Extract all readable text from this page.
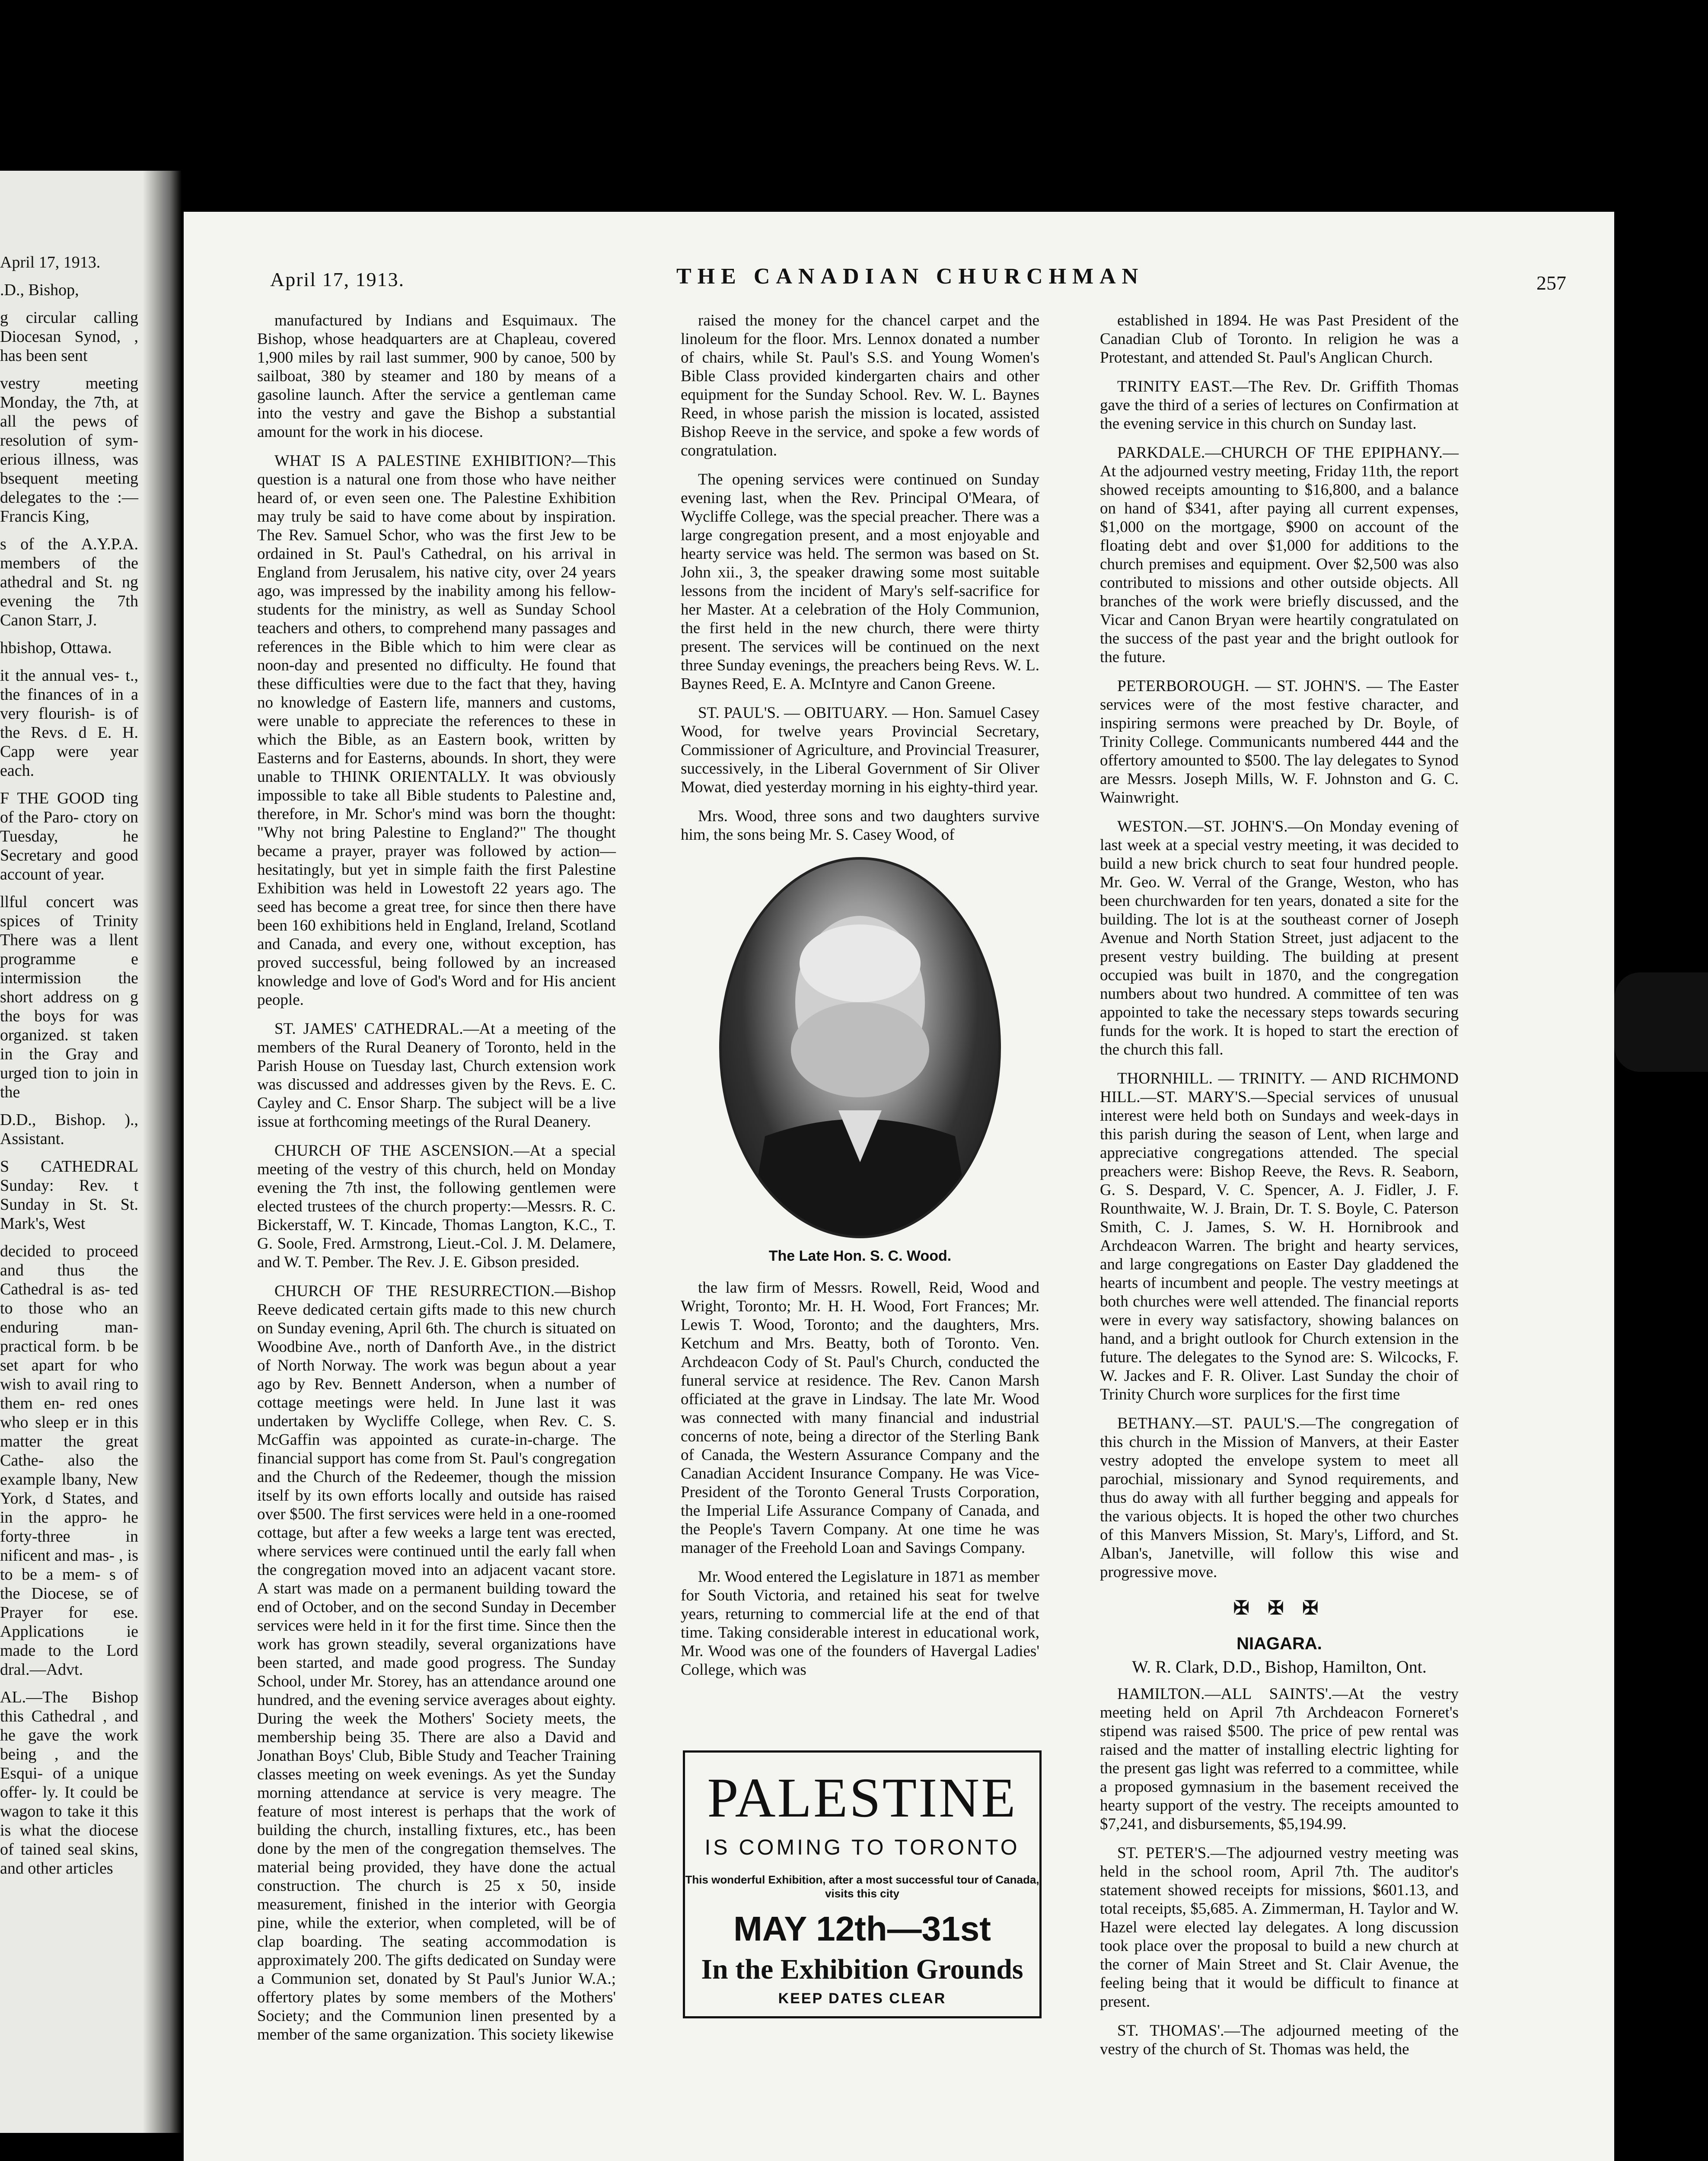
April 17, 1913.

.D., Bishop,

g circular calling Diocesan Synod, , has been sent

vestry meeting Monday, the 7th, at all the pews of resolution of sym- erious illness, was bsequent meeting delegates to the :—Francis King,

s of the A.Y.P.A. members of the athedral and St. ng evening the 7th Canon Starr, J.

hbishop, Ottawa.

it the annual ves- t., the finances of in a very flourish- is of the Revs. d E. H. Capp were year each.

F THE GOOD ting of the Paro- ctory on Tuesday, he Secretary and good account of year.

llful concert was spices of Trinity There was a llent programme e intermission the short address on g the boys for was organized. st taken in the Gray and urged tion to join in the

D.D., Bishop. )., Assistant.

S CATHEDRAL Sunday: Rev. t Sunday in St. St. Mark's, West

decided to proceed and thus the Cathedral is as- ted to those who an enduring man- practical form. b be set apart for who wish to avail ring to them en- red ones who sleep er in this matter the great Cathe- also the example lbany, New York, d States, and in the appro- he forty-three in nificent and mas- , is to be a mem- s of the Diocese, se of Prayer for ese. Applications ie made to the Lord dral.—Advt.

AL.—The Bishop this Cathedral , and he gave the work being , and the Esqui- of a unique offer- ly. It could be wagon to take it this is what the diocese of tained seal skins, and other articles

April 17, 1913.	THE CANADIAN CHURCHMAN	257

manufactured by Indians and Esquimaux. The Bishop, whose headquarters are at Chapleau, covered 1,900 miles by rail last summer, 900 by canoe, 500 by sailboat, 380 by steamer and 180 by means of a gasoline launch. After the service a gentleman came into the vestry and gave the Bishop a substantial amount for the work in his diocese.

WHAT IS A PALESTINE EXHIBITION?—This question is a natural one from those who have neither heard of, or even seen one. The Palestine Exhibition may truly be said to have come about by inspiration. The Rev. Samuel Schor, who was the first Jew to be ordained in St. Paul's Cathedral, on his arrival in England from Jerusalem, his native city, over 24 years ago, was impressed by the inability among his fellow-students for the ministry, as well as Sunday School teachers and others, to comprehend many passages and references in the Bible which to him were clear as noon-day and presented no difficulty. He found that these difficulties were due to the fact that they, having no knowledge of Eastern life, manners and customs, were unable to appreciate the references to these in which the Bible, as an Eastern book, written by Easterns and for Easterns, abounds. In short, they were unable to THINK ORIENTALLY. It was obviously impossible to take all Bible students to Palestine and, therefore, in Mr. Schor's mind was born the thought: "Why not bring Palestine to England?" The thought became a prayer, prayer was followed by action—hesitatingly, but yet in simple faith the first Palestine Exhibition was held in Lowestoft 22 years ago. The seed has become a great tree, for since then there have been 160 exhibitions held in England, Ireland, Scotland and Canada, and every one, without exception, has proved successful, being followed by an increased knowledge and love of God's Word and for His ancient people.

ST. JAMES' CATHEDRAL.—At a meeting of the members of the Rural Deanery of Toronto, held in the Parish House on Tuesday last, Church extension work was discussed and addresses given by the Revs. E. C. Cayley and C. Ensor Sharp. The subject will be a live issue at forthcoming meetings of the Rural Deanery.

CHURCH OF THE ASCENSION.—At a special meeting of the vestry of this church, held on Monday evening the 7th inst, the following gentlemen were elected trustees of the church property:—Messrs. R. C. Bickerstaff, W. T. Kincade, Thomas Langton, K.C., T. G. Soole, Fred. Armstrong, Lieut.-Col. J. M. Delamere, and W. T. Pember. The Rev. J. E. Gibson presided.

CHURCH OF THE RESURRECTION.—Bishop Reeve dedicated certain gifts made to this new church on Sunday evening, April 6th. The church is situated on Woodbine Ave., north of Danforth Ave., in the district of North Norway. The work was begun about a year ago by Rev. Bennett Anderson, when a number of cottage meetings were held. In June last it was undertaken by Wycliffe College, when Rev. C. S. McGaffin was appointed as curate-in-charge. The financial support has come from St. Paul's congregation and the Church of the Redeemer, though the mission itself by its own efforts locally and outside has raised over $500. The first services were held in a one-roomed cottage, but after a few weeks a large tent was erected, where services were continued until the early fall when the congregation moved into an adjacent vacant store. A start was made on a permanent building toward the end of October, and on the second Sunday in December services were held in it for the first time. Since then the work has grown steadily, several organizations have been started, and made good progress. The Sunday School, under Mr. Storey, has an attendance around one hundred, and the evening service averages about eighty. During the week the Mothers' Society meets, the membership being 35. There are also a David and Jonathan Boys' Club, Bible Study and Teacher Training classes meeting on week evenings. As yet the Sunday morning attendance at service is very meagre. The feature of most interest is perhaps that the work of building the church, installing fixtures, etc., has been done by the men of the congregation themselves. The material being provided, they have done the actual construction. The church is 25 x 50, inside measurement, finished in the interior with Georgia pine, while the exterior, when completed, will be of clap boarding. The seating accommodation is approximately 200. The gifts dedicated on Sunday were a Communion set, donated by St Paul's Junior W.A.; offertory plates by some members of the Mothers' Society; and the Communion linen presented by a member of the same organization. This society likewise

raised the money for the chancel carpet and the linoleum for the floor. Mrs. Lennox donated a number of chairs, while St. Paul's S.S. and Young Women's Bible Class provided kindergarten chairs and other equipment for the Sunday School. Rev. W. L. Baynes Reed, in whose parish the mission is located, assisted Bishop Reeve in the service, and spoke a few words of congratulation.

The opening services were continued on Sunday evening last, when the Rev. Principal O'Meara, of Wycliffe College, was the special preacher. There was a large congregation present, and a most enjoyable and hearty service was held. The sermon was based on St. John xii., 3, the speaker drawing some most suitable lessons from the incident of Mary's self-sacrifice for her Master. At a celebration of the Holy Communion, the first held in the new church, there were thirty present. The services will be continued on the next three Sunday evenings, the preachers being Revs. W. L. Baynes Reed, E. A. McIntyre and Canon Greene.

ST. PAUL'S. — OBITUARY. — Hon. Samuel Casey Wood, for twelve years Provincial Secretary, Commissioner of Agriculture, and Provincial Treasurer, successively, in the Liberal Government of Sir Oliver Mowat, died yesterday morning in his eighty-third year.

Mrs. Wood, three sons and two daughters survive him, the sons being Mr. S. Casey Wood, of

The Late Hon. S. C. Wood.

the law firm of Messrs. Rowell, Reid, Wood and Wright, Toronto; Mr. H. H. Wood, Fort Frances; Mr. Lewis T. Wood, Toronto; and the daughters, Mrs. Ketchum and Mrs. Beatty, both of Toronto. Ven. Archdeacon Cody of St. Paul's Church, conducted the funeral service at residence. The Rev. Canon Marsh officiated at the grave in Lindsay. The late Mr. Wood was connected with many financial and industrial concerns of note, being a director of the Sterling Bank of Canada, the Western Assurance Company and the Canadian Accident Insurance Company. He was Vice-President of the Toronto General Trusts Corporation, the Imperial Life Assurance Company of Canada, and the People's Tavern Company. At one time he was manager of the Freehold Loan and Savings Company.

Mr. Wood entered the Legislature in 1871 as member for South Victoria, and retained his seat for twelve years, returning to commercial life at the end of that time. Taking considerable interest in educational work, Mr. Wood was one of the founders of Havergal Ladies' College, which was

PALESTINE
IS COMING TO TORONTO
This wonderful Exhibition, after a most successful tour of Canada, visits this city
MAY 12th—31st
In the Exhibition Grounds
KEEP DATES CLEAR

established in 1894. He was Past President of the Canadian Club of Toronto. In religion he was a Protestant, and attended St. Paul's Anglican Church.

TRINITY EAST.—The Rev. Dr. Griffith Thomas gave the third of a series of lectures on Confirmation at the evening service in this church on Sunday last.

PARKDALE.—CHURCH OF THE EPIPHANY.—At the adjourned vestry meeting, Friday 11th, the report showed receipts amounting to $16,800, and a balance on hand of $341, after paying all current expenses, $1,000 on the mortgage, $900 on account of the floating debt and over $1,000 for additions to the church premises and equipment. Over $2,500 was also contributed to missions and other outside objects. All branches of the work were briefly discussed, and the Vicar and Canon Bryan were heartily congratulated on the success of the past year and the bright outlook for the future.

PETERBOROUGH. — ST. JOHN'S. — The Easter services were of the most festive character, and inspiring sermons were preached by Dr. Boyle, of Trinity College. Communicants numbered 444 and the offertory amounted to $500. The lay delegates to Synod are Messrs. Joseph Mills, W. F. Johnston and G. C. Wainwright.

WESTON.—ST. JOHN'S.—On Monday evening of last week at a special vestry meeting, it was decided to build a new brick church to seat four hundred people. Mr. Geo. W. Verral of the Grange, Weston, who has been churchwarden for ten years, donated a site for the building. The lot is at the southeast corner of Joseph Avenue and North Station Street, just adjacent to the present vestry building. The building at present occupied was built in 1870, and the congregation numbers about two hundred. A committee of ten was appointed to take the necessary steps towards securing funds for the work. It is hoped to start the erection of the church this fall.

THORNHILL. — TRINITY. — AND RICHMOND HILL.—ST. MARY'S.—Special services of unusual interest were held both on Sundays and week-days in this parish during the season of Lent, when large and appreciative congregations attended. The special preachers were: Bishop Reeve, the Revs. R. Seaborn, G. S. Despard, V. C. Spencer, A. J. Fidler, J. F. Rounthwaite, W. J. Brain, Dr. T. S. Boyle, C. Paterson Smith, C. J. James, S. W. H. Hornibrook and Archdeacon Warren. The bright and hearty services, and large congregations on Easter Day gladdened the hearts of incumbent and people. The vestry meetings at both churches were well attended. The financial reports were in every way satisfactory, showing balances on hand, and a bright outlook for Church extension in the future. The delegates to the Synod are: S. Wilcocks, F. W. Jackes and F. R. Oliver. Last Sunday the choir of Trinity Church wore surplices for the first time

BETHANY.—ST. PAUL'S.—The congregation of this church in the Mission of Manvers, at their Easter vestry adopted the envelope system to meet all parochial, missionary and Synod requirements, and thus do away with all further begging and appeals for the various objects. It is hoped the other two churches of this Manvers Mission, St. Mary's, Lifford, and St. Alban's, Janetville, will follow this wise and progressive move.

✠ ✠ ✠
NIAGARA.
W. R. Clark, D.D., Bishop, Hamilton, Ont.

HAMILTON.—ALL SAINTS'.—At the vestry meeting held on April 7th Archdeacon Forneret's stipend was raised $500. The price of pew rental was raised and the matter of installing electric lighting for the present gas light was referred to a committee, while a proposed gymnasium in the basement received the hearty support of the vestry. The receipts amounted to $7,241, and disbursements, $5,194.99.

ST. PETER'S.—The adjourned vestry meeting was held in the school room, April 7th. The auditor's statement showed receipts for missions, $601.13, and total receipts, $5,685. A. Zimmerman, H. Taylor and W. Hazel were elected lay delegates. A long discussion took place over the proposal to build a new church at the corner of Main Street and St. Clair Avenue, the feeling being that it would be difficult to finance at present.

ST. THOMAS'.—The adjourned meeting of the vestry of the church of St. Thomas was held, the
